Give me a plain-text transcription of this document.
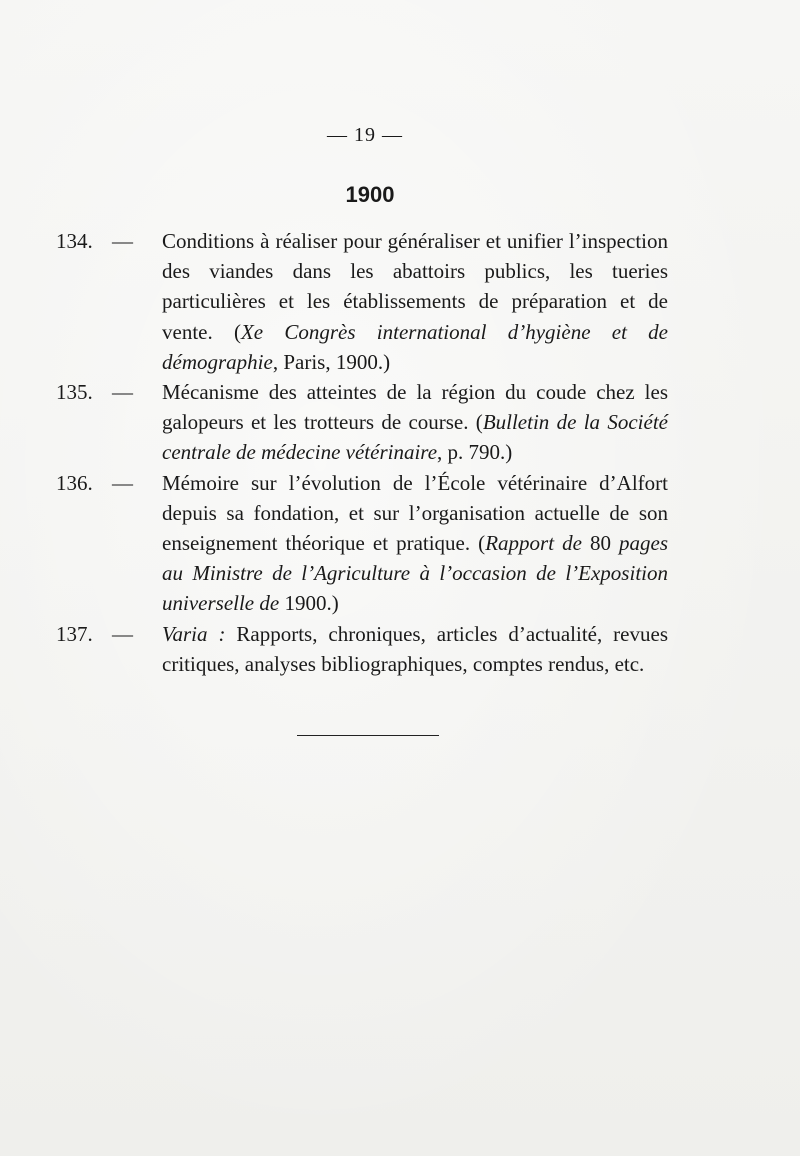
— 19 —
1900
134. — Conditions à réaliser pour généraliser et unifier l’inspection des viandes dans les abattoirs publics, les tueries particulières et les établissements de préparation et de vente. (Xe Congrès international d’hygiène et de démographie, Paris, 1900.)
135. — Mécanisme des atteintes de la région du coude chez les galopeurs et les trotteurs de course. (Bulletin de la Société centrale de médecine vétérinaire, p. 790.)
136. — Mémoire sur l’évolution de l’École vétérinaire d’Alfort depuis sa fondation, et sur l’organisation actuelle de son enseignement théorique et pratique. (Rapport de 80 pages au Ministre de l’Agriculture à l’occasion de l’Exposition universelle de 1900.)
137. — Varia : Rapports, chroniques, articles d’actualité, revues critiques, analyses bibliographiques, comptes rendus, etc.
